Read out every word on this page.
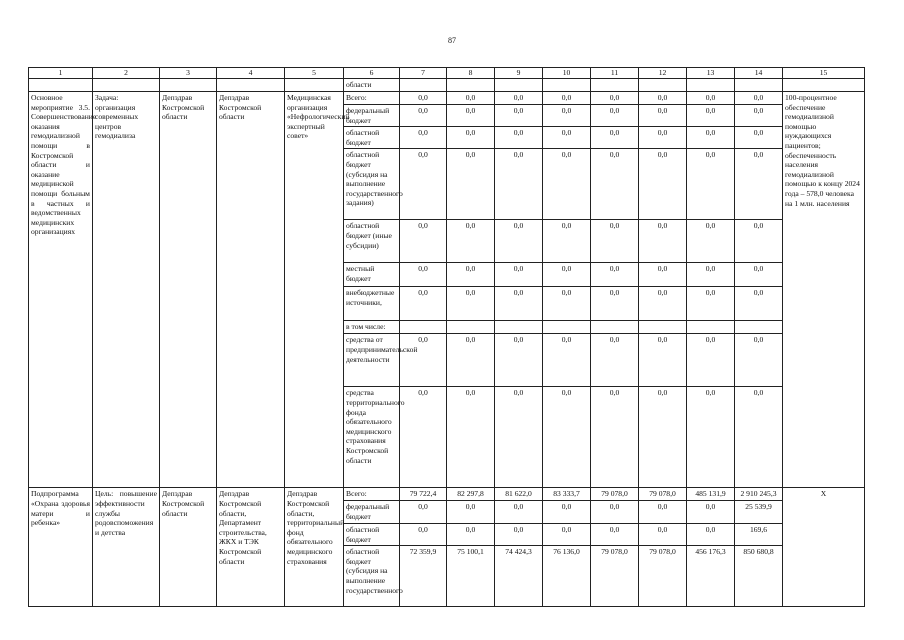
87
1	2	3	4	5	6	7	8	9	10	11	12	13	14	15
					области									
Основное мероприятие 3.5. Совершенствование оказания гемодиализной помощи в Костромской области и оказание медицинской помощи больным в частных и ведомственных медицинских организациях	Задача: организация современных центров гемодиализа	Депздрав Костромской области	Депздрав Костромской области	Медицинская организация «Нефрологический экспертный совет»	Всего:	0,0	0,0	0,0	0,0	0,0	0,0	0,0	0,0	100-процентное обеспечение гемодиализной помощью нуждающихся пациентов; обеспеченность населения гемодиализной помощью к концу 2024 года – 578,0 человека на 1 млн. населения
					федеральный бюджет	0,0	0,0	0,0	0,0	0,0	0,0	0,0	0,0	
					областной бюджет	0,0	0,0	0,0	0,0	0,0	0,0	0,0	0,0	
					областной бюджет (субсидия на выполнение государственного задания)	0,0	0,0	0,0	0,0	0,0	0,0	0,0	0,0	
					областной бюджет (иные субсидии)	0,0	0,0	0,0	0,0	0,0	0,0	0,0	0,0	
					местный бюджет	0,0	0,0	0,0	0,0	0,0	0,0	0,0	0,0	
					внебюджетные источники,	0,0	0,0	0,0	0,0	0,0	0,0	0,0	0,0	
					в том числе:									
					средства от предпринимательской деятельности	0,0	0,0	0,0	0,0	0,0	0,0	0,0	0,0	
					средства территориального фонда обязательного медицинского страхования Костромской области	0,0	0,0	0,0	0,0	0,0	0,0	0,0	0,0	
Подпрограмма «Охрана здоровья матери и ребенка»	Цель: повышение эффективности службы родовспоможения и детства	Депздрав Костромской области	Депздрав Костромской области, Департамент строительства, ЖКХ и ТЭК Костромской области	Депздрав Костромской области, территориальный фонд обязательного медицинского страхования	Всего:	79 722,4	82 297,8	81 622,0	83 333,7	79 078,0	79 078,0	485 131,9	2 910 245,3	X
					федеральный бюджет	0,0	0,0	0,0	0,0	0,0	0,0	0,0	25 539,9	
					областной бюджет	0,0	0,0	0,0	0,0	0,0	0,0	0,0	169,6	
					областной бюджет (субсидия на выполнение государственного	72 359,9	75 100,1	74 424,3	76 136,0	79 078,0	79 078,0	456 176,3	850 680,8	
